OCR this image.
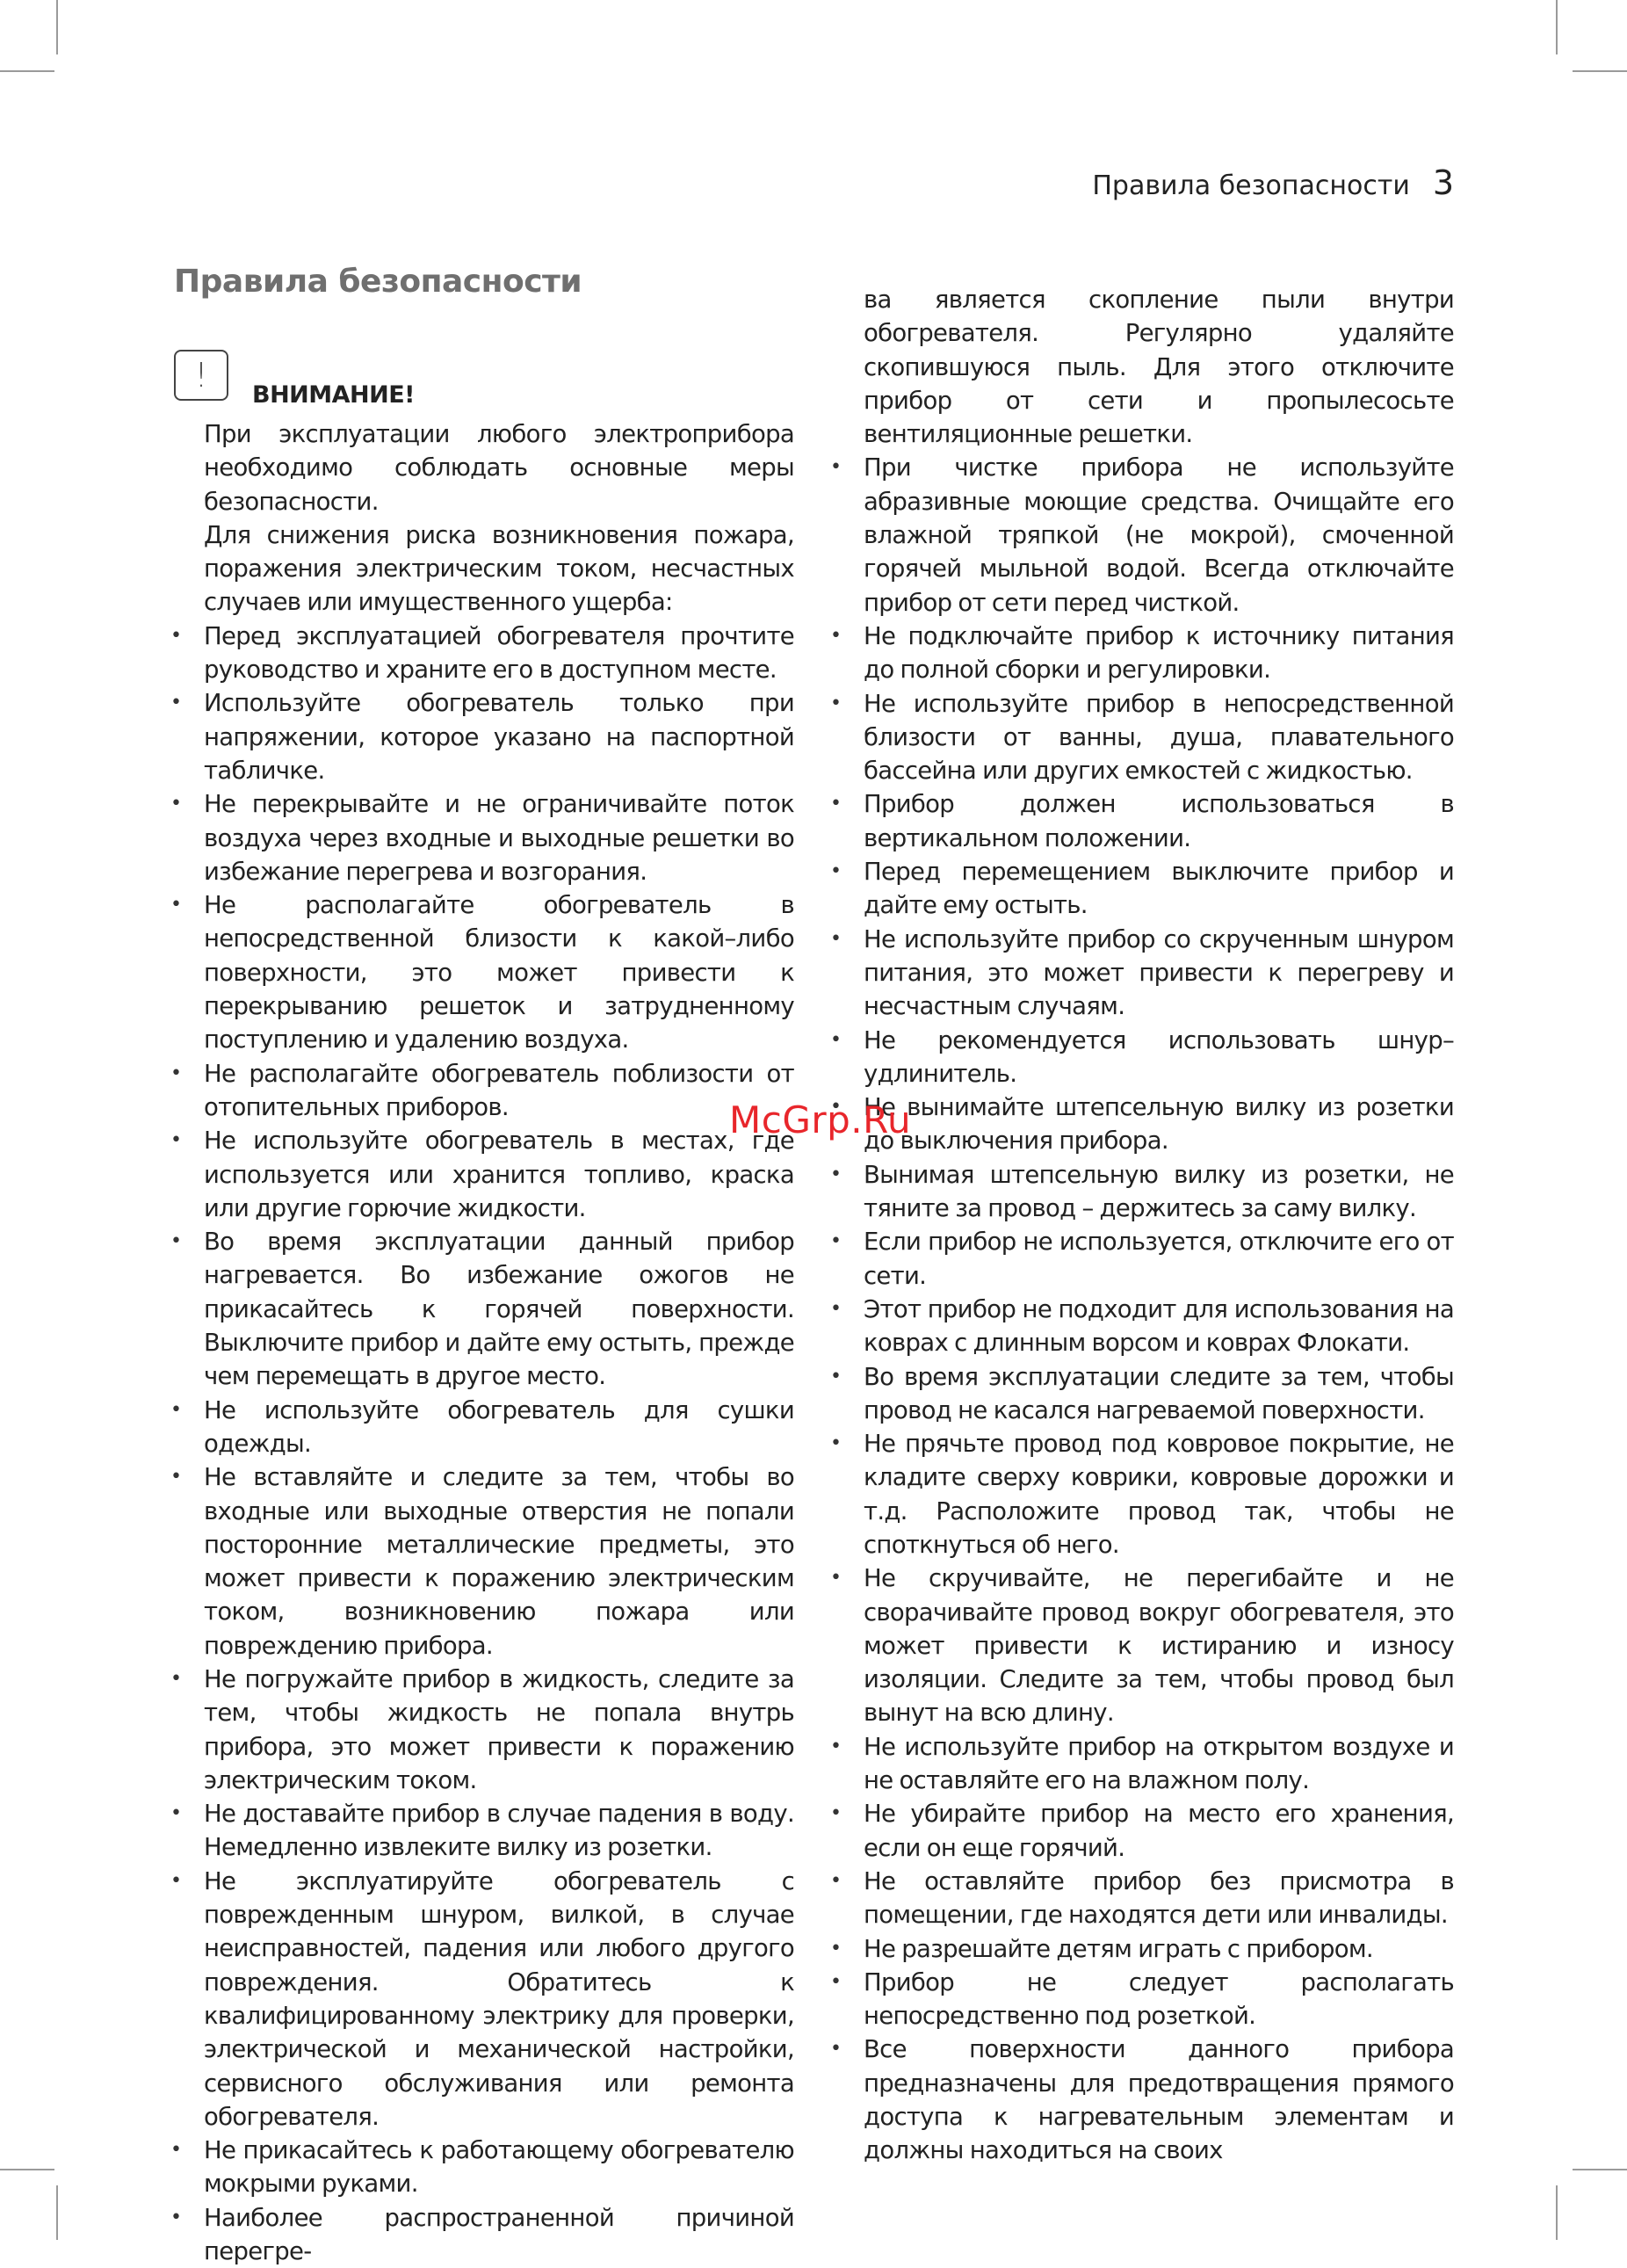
Правила безопасности 3
Правила безопасности
!
ВНИМАНИЕ!

При эксплуатации любого электроприбора необходимо соблюдать основные меры безопасности.

Для снижения риска возникновения пожара, поражения электрическим током, несчастных случаев или имущественного ущерба:

• Перед эксплуатацией обогревателя прочтите руководство и храните его в доступном месте.
• Используйте обогреватель только при напряжении, которое указано на паспортной табличке.
• Не перекрывайте и не ограничивайте поток воздуха через входные и выходные решетки во избежание перегрева и возгорания.
• Не располагайте обогреватель в непосредственной близости к какой–либо поверхности, это может привести к перекрыванию решеток и затрудненному поступлению и удалению воздуха.
• Не располагайте обогреватель поблизости от отопительных приборов.
• Не используйте обогреватель в местах, где используется или хранится топливо, краска или другие горючие жидкости.
• Во время эксплуатации данный прибор нагревается. Во избежание ожогов не прикасайтесь к горячей поверхности. Выключите прибор и дайте ему остыть, прежде чем перемещать в другое место.
• Не используйте обогреватель для сушки одежды.
• Не вставляйте и следите за тем, чтобы во входные или выходные отверстия не попали посторонние металлические предметы, это может привести к поражению электрическим током, возникновению пожара или повреждению прибора.
• Не погружайте прибор в жидкость, следите за тем, чтобы жидкость не попала внутрь прибора, это может привести к поражению электрическим током.
• Не доставайте прибор в случае падения в воду. Немедленно извлеките вилку из розетки.
• Не эксплуатируйте обогреватель с поврежденным шнуром, вилкой, в случае неисправностей, падения или любого другого повреждения. Обратитесь к квалифицированному электрику для проверки, электрической и механической настройки, сервисного обслуживания или ремонта обогревателя.
• Не прикасайтесь к работающему обогревателю мокрыми руками.
• Наиболее распространенной причиной перегре-

ва является скопление пыли внутри обогревателя. Регулярно удаляйте скопившуюся пыль. Для этого отключите прибор от сети и пропылесосьте вентиляционные решетки.

• При чистке прибора не используйте абразивные моющие средства. Очищайте его влажной тряпкой (не мокрой), смоченной горячей мыльной водой. Всегда отключайте прибор от сети перед чисткой.
• Не подключайте прибор к источнику питания до полной сборки и регулировки.
• Не используйте прибор в непосредственной близости от ванны, душа, плавательного бассейна или других емкостей с жидкостью.
• Прибор должен использоваться в вертикальном положении.
• Перед перемещением выключите прибор и дайте ему остыть.
• Не используйте прибор со скрученным шнуром питания, это может привести к перегреву и несчастным случаям.
• Не рекомендуется использовать шнур–удлинитель.
• Не вынимайте штепсельную вилку из розетки до выключения прибора.
• Вынимая штепсельную вилку из розетки, не тяните за провод – держитесь за саму вилку.
• Если прибор не используется, отключите его от сети.
• Этот прибор не подходит для использования на коврах с длинным ворсом и коврах Флокати.
• Во время эксплуатации следите за тем, чтобы провод не касался нагреваемой поверхности.
• Не прячьте провод под ковровое покрытие, не кладите сверху коврики, ковровые дорожки и т.д. Расположите провод так, чтобы не споткнуться об него.
• Не скручивайте, не перегибайте и не сворачивайте провод вокруг обогревателя, это может привести к истиранию и износу изоляции. Следите за тем, чтобы провод был вынут на всю длину.
• Не используйте прибор на открытом воздухе и не оставляйте его на влажном полу.
• Не убирайте прибор на место его хранения, если он еще горячий.
• Не оставляйте прибор без присмотра в помещении, где находятся дети или инвалиды.
• Не разрешайте детям играть с прибором.
• Прибор не следует располагать непосредственно под розеткой.
• Все поверхности данного прибора предназначены для предотвращения прямого доступа к нагревательным элементам и должны находиться на своих
McGrp.Ru
